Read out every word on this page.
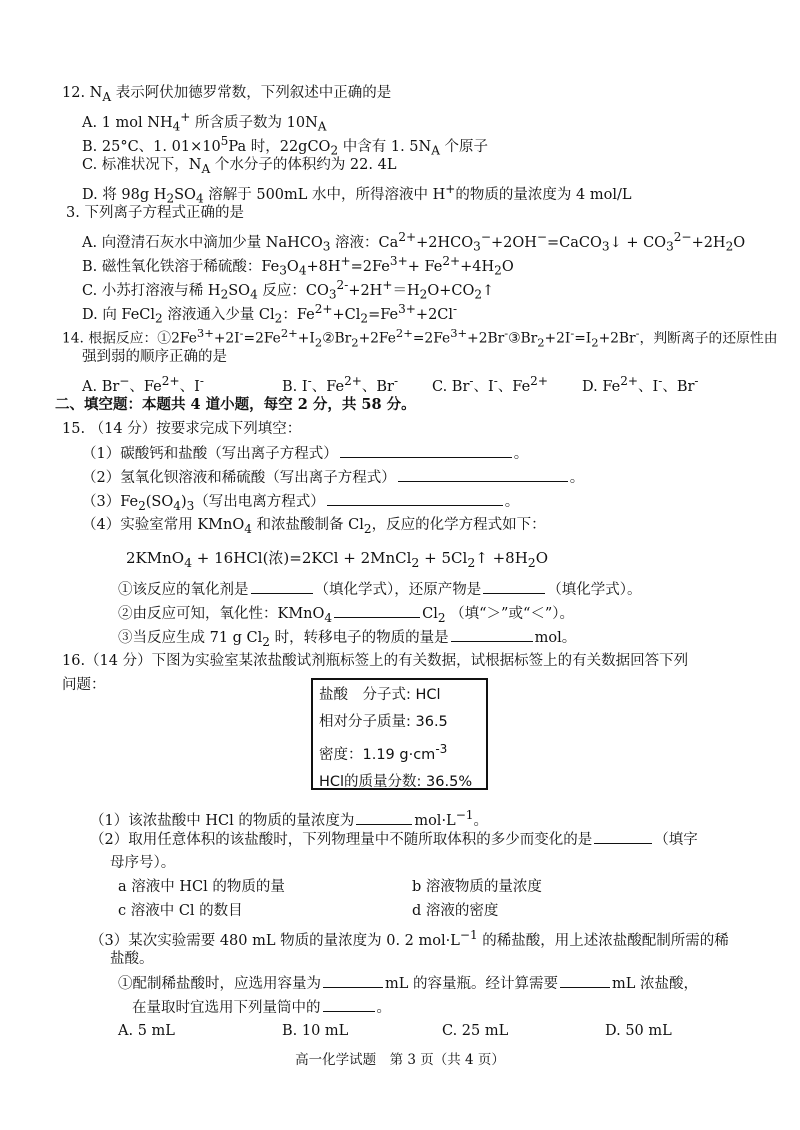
12. $N_A$ 表示阿伏加德罗常数，下列叙述中正确的是
A. 1 mol $NH_4^+$ 所含质子数为 $10N_A$
B. 25°C、1. $01\times 10^5Pa$ 时，22gCO$_2$ 中含有 1. $5N_A$ 个原子
C. 标准状况下，$N_A$ 个水分子的体积约为 22. 4L
D. 将 98g $H_2SO_4$ 溶解于 500mL 水中，所得溶液中 H+的物质的量浓度为 4 mol/L
3. 下列离子方程式正确的是
A. 向澄清石灰水中滴加少量 NaHCO$_3$ 溶液：$Ca^{2+}+2HCO_3^-+2OH^-=CaCO_3↓ + CO_3^{2-}+2H_2O$
B. 磁性氧化铁溶于稀硫酸：$Fe_3O_4+8H^+=2Fe^{3+}+ Fe^{2+}+4H_2O$
C. 小苏打溶液与稀 $H_2SO_4$ 反应：$CO_3^{2-}+2H^+=H_2O+CO_2↑$
D. 向 FeCl$_2$ 溶液通入少量 $Cl_2$：$Fe^{2+}+Cl_2=Fe^{3+}+2Cl^-$
14. 根据反应：$①2Fe^{3+}+2I^-=2Fe^{2+}+I_2②Br_2+2Fe^{2+}=2Fe^{3+}+2Br^-③Br_2+2I^-=I_2+2Br^-$，判断离子的还原性由
强到弱的顺序正确的是
A. Br−、$Fe^{2+}$、I-	B. I-、$Fe^{2+}$、Br- C. Br-、I-、$Fe^{2+}$ D. $Fe^{2+}$、I-、Br-
二、填空题：本题共 4 道小题，每空 2 分，共 58 分。
15. （14 分）按要求完成下列填空：
（1）碳酸钙和盐酸（写出离子方程式）	。
（2）氢氧化钡溶液和稀硫酸（写出离子方程式）	。
$(3)Fe_2(SO_4)_3$（写出电离方程式）	。
（4）实验室常用 KMnO$_4$ 和浓盐酸制备 $Cl_2$，反应的化学方程式如下：
2KMnO$_4$ + 16HCl(浓)=2KCl + 2MnCl$_2$ + $5Cl_2↑ +8H_2O$
①该反应的氧化剂是	（填化学式），还原产物是	（填化学式）。
②由反应可知，氧化性：KMnO$_4$	$Cl_2$ （填“＞”或“＜”）。
③当反应生成 71 g $Cl_2$ 时，转移电子的物质的量是	mol。
16.（14 分）下图为实验室某浓盐酸试剂瓶标签上的有关数据，试根据标签上的有关数据回答下列
问题：
盐酸　分子式: HCl
相对分子质量: 36.5
密度：1.19 $g\cdot cm^{-3}$
HCl的质量分数: 36.5%
（1）该浓盐酸中 HCl 的物质的量浓度为	$mol\cdot L^{-1}$。
（2）取用任意体积的该盐酸时，下列物理量中不随所取体积的多少而变化的是	（填字
母序号）。
a 溶液中 HCl 的物质的量	b 溶液物质的量浓度
c 溶液中 Cl 的数目	d 溶液的密度
（3）某次实验需要 480 mL 物质的量浓度为 0. 2 $mol\cdot L^{-1}$ 的稀盐酸，用上述浓盐酸配制所需的稀
盐酸。
①配制稀盐酸时，应选用容量为	mL 的容量瓶。经计算需要	mL 浓盐酸，
在量取时宜选用下列量筒中的	。
A. 5 mL	B. 10 mL	C. 25 mL	D. 50 mL
高一化学试题　第 3 页（共 4 页）
